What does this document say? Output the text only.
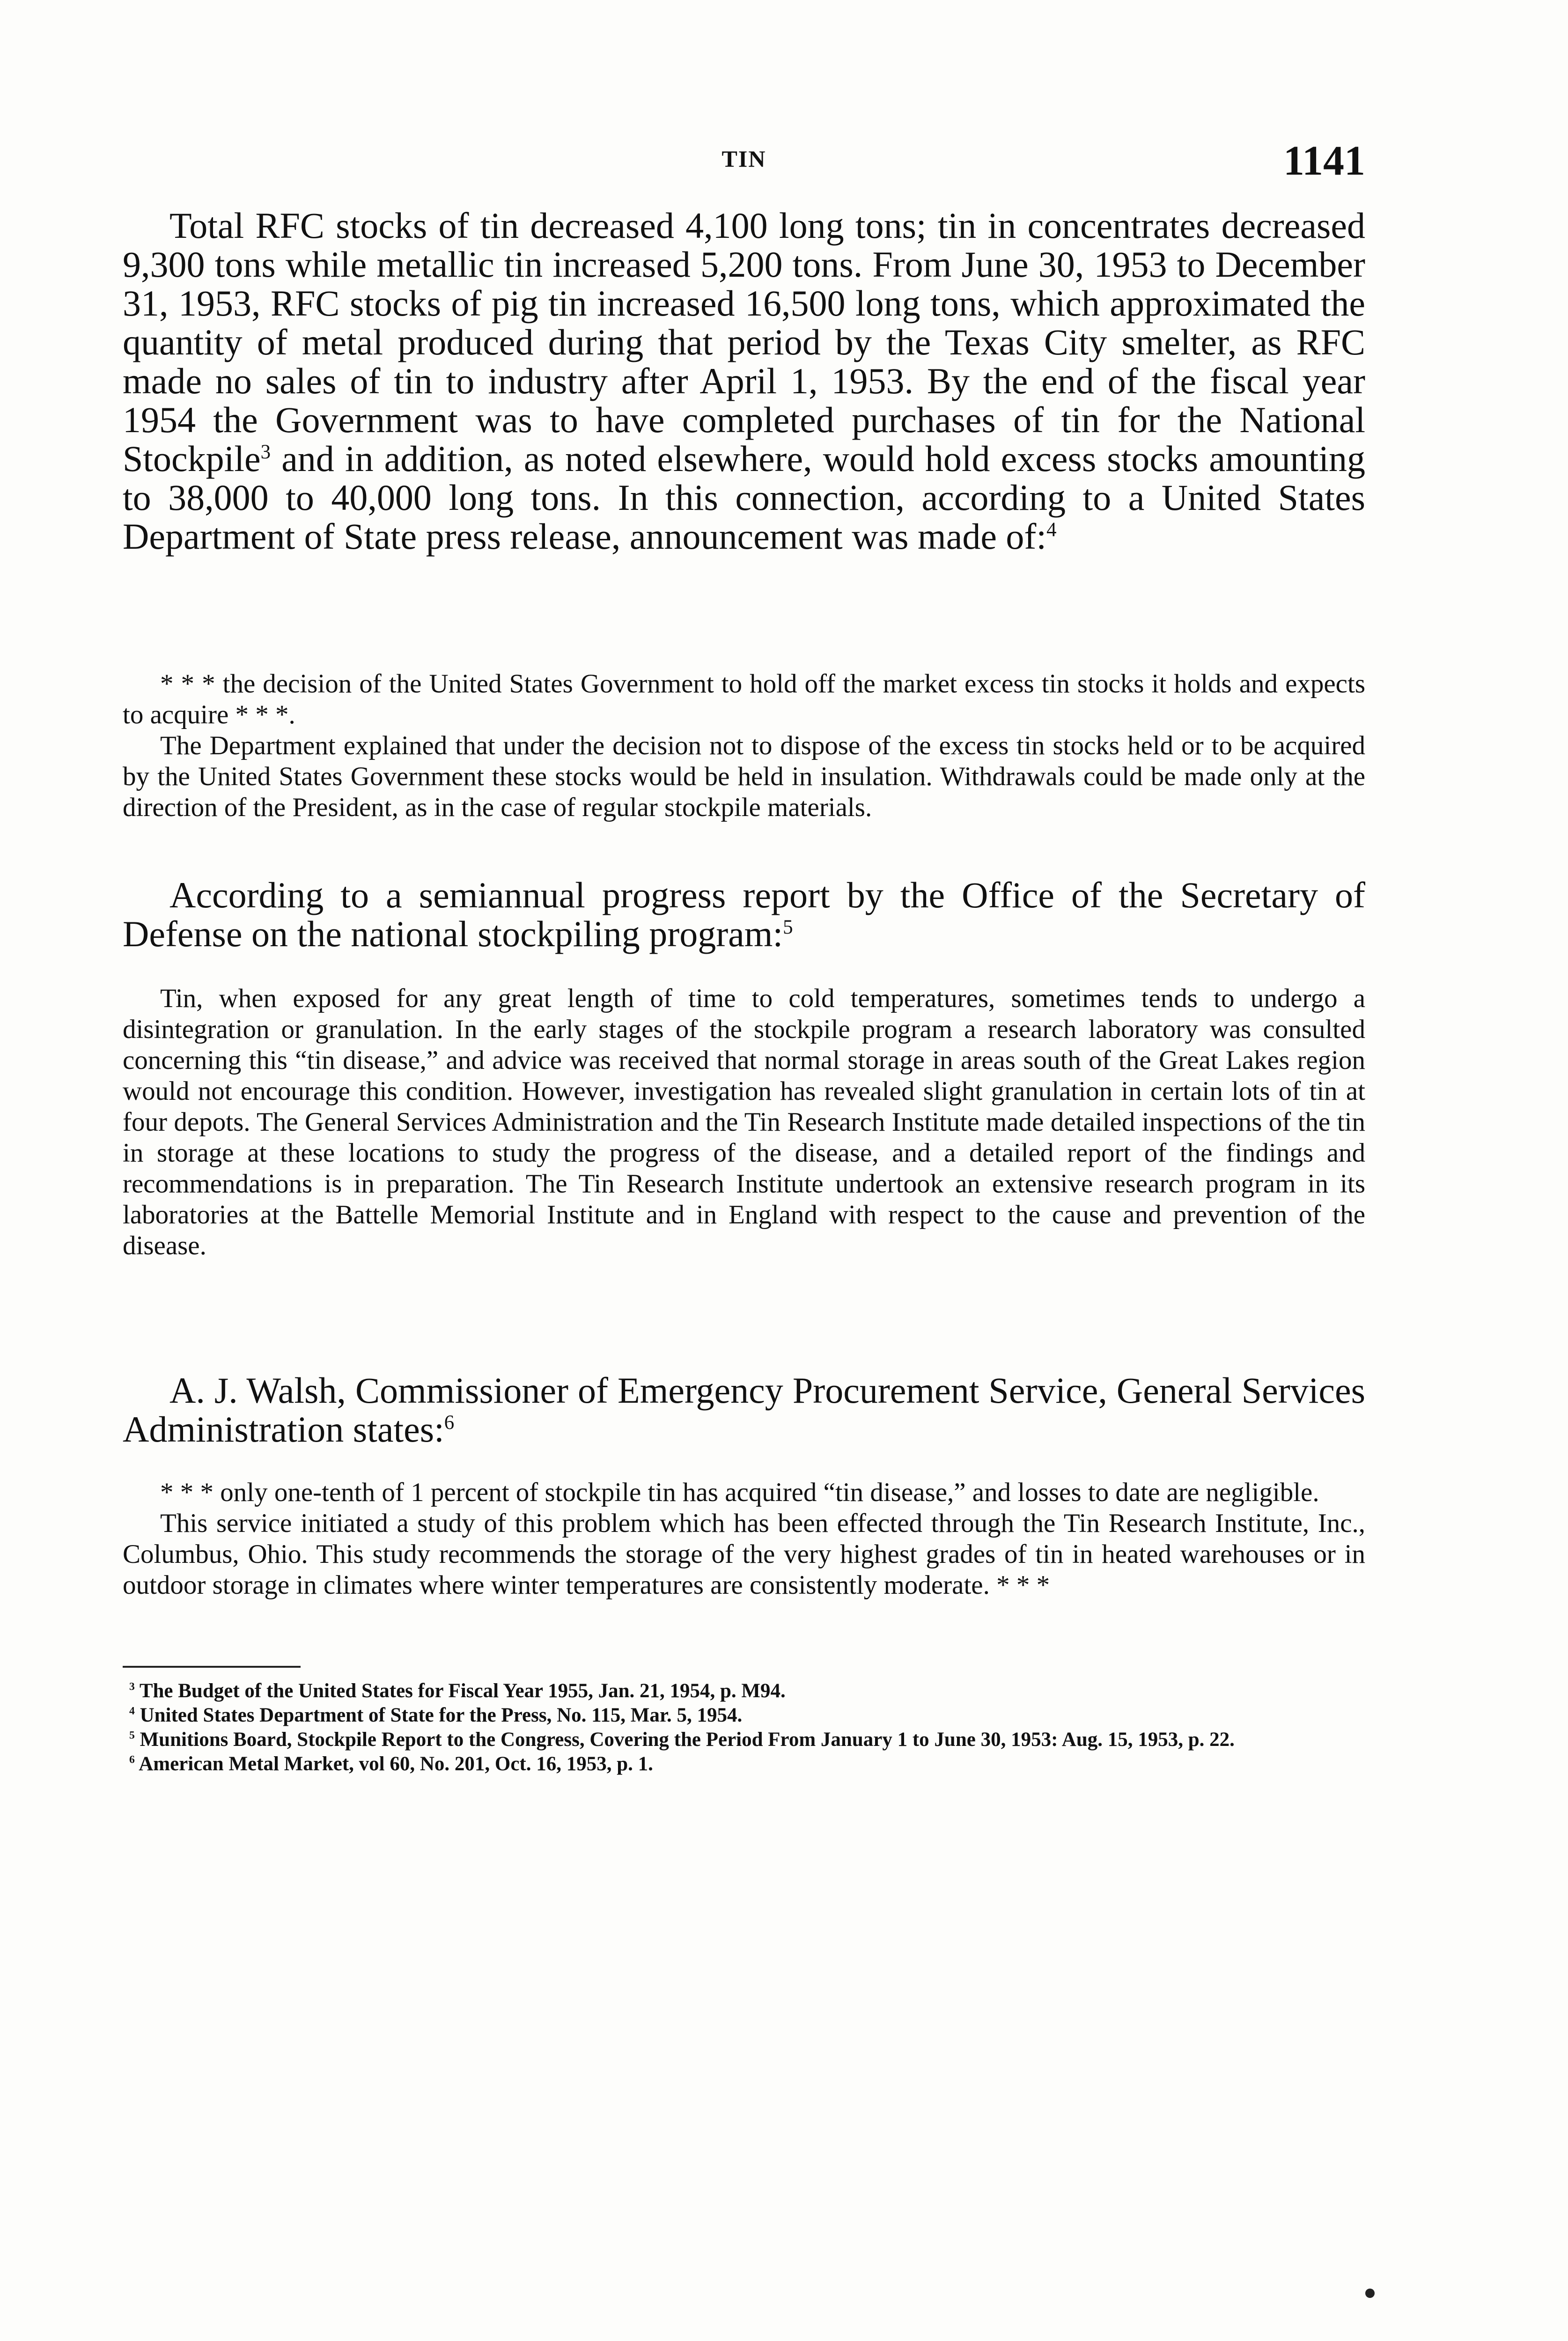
TIN	1141
Total RFC stocks of tin decreased 4,100 long tons; tin in concentrates decreased 9,300 tons while metallic tin increased 5,200 tons. From June 30, 1953 to December 31, 1953, RFC stocks of pig tin increased 16,500 long tons, which approximated the quantity of metal produced during that period by the Texas City smelter, as RFC made no sales of tin to industry after April 1, 1953. By the end of the fiscal year 1954 the Government was to have completed purchases of tin for the National Stockpile$^3$ and in addition, as noted elsewhere, would hold excess stocks amounting to 38,000 to 40,000 long tons. In this connection, according to a United States Department of State press release, announcement was made of:$^4$

* * * the decision of the United States Government to hold off the market excess tin stocks it holds and expects to acquire * * *.

The Department explained that under the decision not to dispose of the excess tin stocks held or to be acquired by the United States Government these stocks would be held in insulation. Withdrawals could be made only at the direction of the President, as in the case of regular stockpile materials.

According to a semiannual progress report by the Office of the Secretary of Defense on the national stockpiling program:$^5$

Tin, when exposed for any great length of time to cold temperatures, sometimes tends to undergo a disintegration or granulation. In the early stages of the stockpile program a research laboratory was consulted concerning this “tin disease,” and advice was received that normal storage in areas south of the Great Lakes region would not encourage this condition. However, investigation has revealed slight granulation in certain lots of tin at four depots. The General Services Administration and the Tin Research Institute made detailed inspections of the tin in storage at these locations to study the progress of the disease, and a detailed report of the findings and recommendations is in preparation. The Tin Research Institute undertook an extensive research program in its laboratories at the Battelle Memorial Institute and in England with respect to the cause and prevention of the disease.

A. J. Walsh, Commissioner of Emergency Procurement Service, General Services Administration states:$^6$

* * * only one-tenth of 1 percent of stockpile tin has acquired “tin disease,” and losses to date are negligible.

This service initiated a study of this problem which has been effected through the Tin Research Institute, Inc., Columbus, Ohio. This study recommends the storage of the very highest grades of tin in heated warehouses or in outdoor storage in climates where winter temperatures are consistently moderate. * * *

$^3$ The Budget of the United States for Fiscal Year 1955, Jan. 21, 1954, p. M94.
$^4$ United States Department of State for the Press, No. 115, Mar. 5, 1954.
$^5$ Munitions Board, Stockpile Report to the Congress, Covering the Period From January 1 to June 30, 1953: Aug. 15, 1953, p. 22.
$^6$ American Metal Market, vol 60, No. 201, Oct. 16, 1953, p. 1.
